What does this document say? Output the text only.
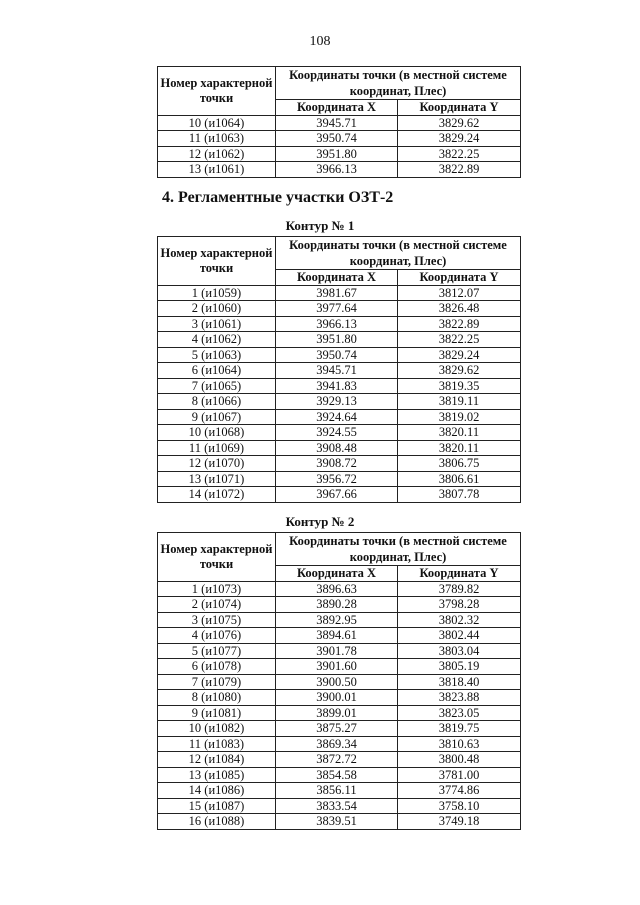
108
Номер характерной точки	Координаты точки (в местной системе координат, Плес)	
	Координата X	Координата Y
10 (и1064)	3945.71	3829.62
11 (и1063)	3950.74	3829.24
12 (и1062)	3951.80	3822.25
13 (и1061)	3966.13	3822.89
4. Регламентные участки ОЗТ-2
Контур № 1
Номер характерной точки	Координаты точки (в местной системе координат, Плес)	
	Координата X	Координата Y
1 (и1059)	3981.67	3812.07
2 (и1060)	3977.64	3826.48
3 (и1061)	3966.13	3822.89
4 (и1062)	3951.80	3822.25
5 (и1063)	3950.74	3829.24
6 (и1064)	3945.71	3829.62
7 (и1065)	3941.83	3819.35
8 (и1066)	3929.13	3819.11
9 (и1067)	3924.64	3819.02
10 (и1068)	3924.55	3820.11
11 (и1069)	3908.48	3820.11
12 (и1070)	3908.72	3806.75
13 (и1071)	3956.72	3806.61
14 (и1072)	3967.66	3807.78
Контур № 2
Номер характерной точки	Координаты точки (в местной системе координат, Плес)	
	Координата X	Координата Y
1 (и1073)	3896.63	3789.82
2 (и1074)	3890.28	3798.28
3 (и1075)	3892.95	3802.32
4 (и1076)	3894.61	3802.44
5 (и1077)	3901.78	3803.04
6 (и1078)	3901.60	3805.19
7 (и1079)	3900.50	3818.40
8 (и1080)	3900.01	3823.88
9 (и1081)	3899.01	3823.05
10 (и1082)	3875.27	3819.75
11 (и1083)	3869.34	3810.63
12 (и1084)	3872.72	3800.48
13 (и1085)	3854.58	3781.00
14 (и1086)	3856.11	3774.86
15 (и1087)	3833.54	3758.10
16 (и1088)	3839.51	3749.18
